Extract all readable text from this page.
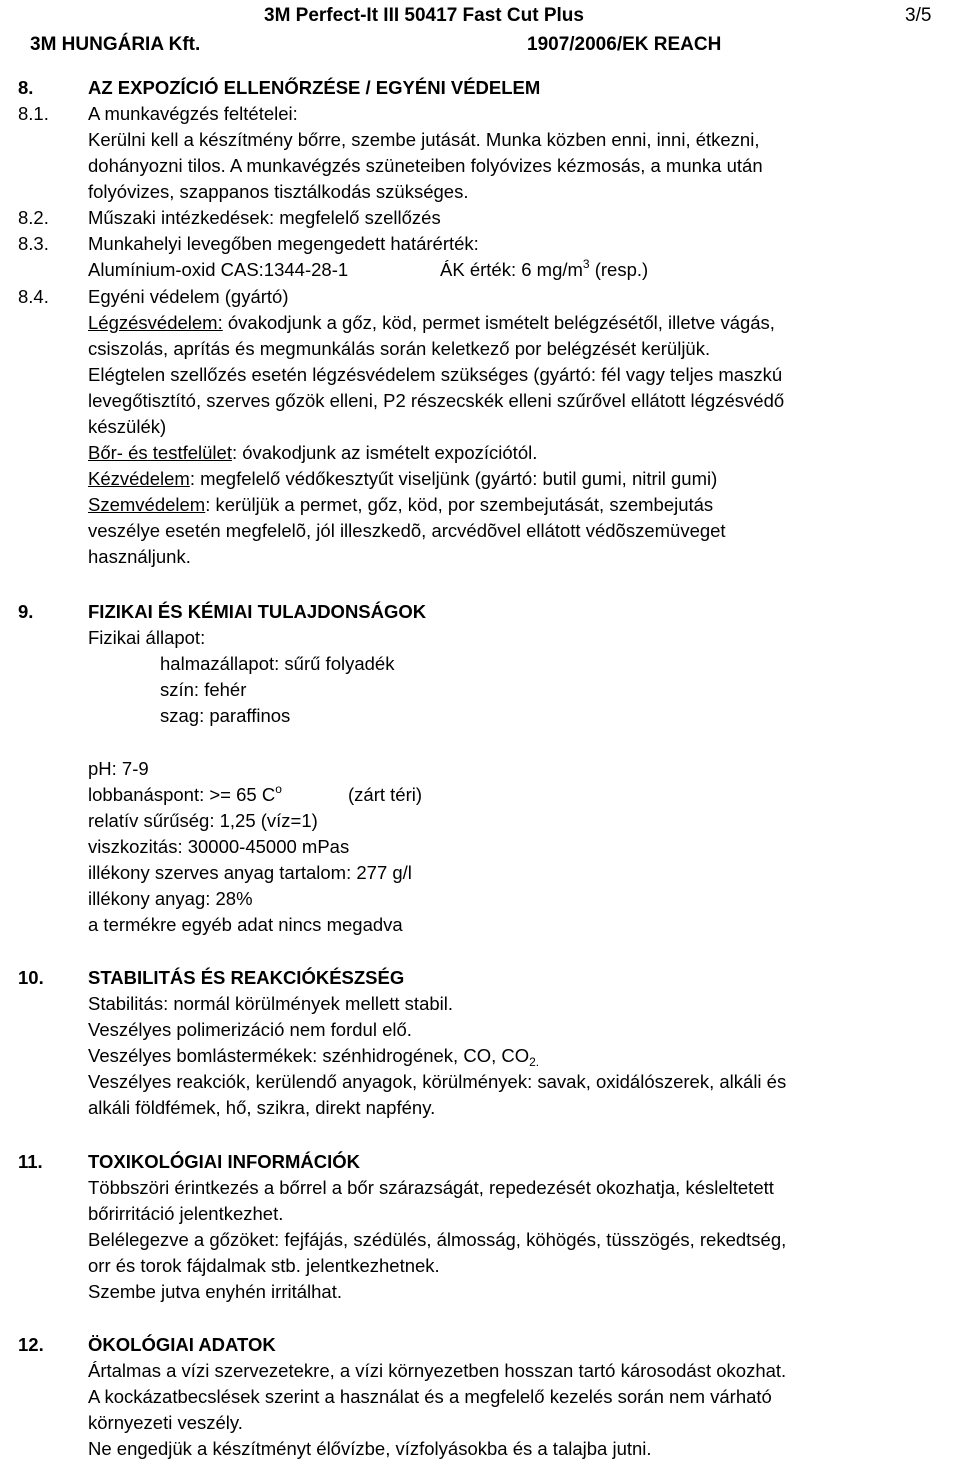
3M Perfect-It III 50417 Fast Cut Plus	3/5
3M HUNGÁRIA Kft.	1907/2006/EK REACH
8.	AZ EXPOZÍCIÓ ELLENŐRZÉSE / EGYÉNI VÉDELEM
8.1. A munkavégzés feltételei:
Kerülni kell a készítmény bőrre, szembe jutását. Munka közben enni, inni, étkezni,
dohányozni tilos. A munkavégzés szüneteiben folyóvizes kézmosás, a munka után
folyóvizes, szappanos tisztálkodás szükséges.
8.2. Műszaki intézkedések: megfelelő szellőzés
8.3. Munkahelyi levegőben megengedett határérték:
Alumínium-oxid CAS:1344-28-1	ÁK érték: 6 $mg/m^3$ (resp.)
8.4. Egyéni védelem (gyártó)
Légzésvédelem: óvakodjunk a gőz, köd, permet ismételt belégzésétől, illetve vágás,
csiszolás, aprítás és megmunkálás során keletkező por belégzését kerüljük.
Elégtelen szellőzés esetén légzésvédelem szükséges (gyártó: fél vagy teljes maszkú
levegőtisztító, szerves gőzök elleni, P2 részecskék elleni szűrővel ellátott légzésvédő
készülék)
Bőr- és testfelület: óvakodjunk az ismételt expozíciótól.
Kézvédelem: megfelelő védőkesztyűt viseljünk (gyártó: butil gumi, nitril gumi)
Szemvédelem: kerüljük a permet, gőz, köd, por szembejutását, szembejutás
veszélye esetén megfelelõ, jól illeszkedõ, arcvédõvel ellátott védõszemüveget
használjunk.
9.	FIZIKAI ÉS KÉMIAI TULAJDONSÁGOK
Fizikai állapot:
halmazállapot: sűrű folyadék
szín: fehér
szag: paraffinos
pH: 7-9
lobbanáspont: >= 65 $C^o$	(zárt téri)
relatív sűrűség: 1,25 (víz=1)
viszkozitás: 30000-45000 mPas
illékony szerves anyag tartalom: 277 g/l
illékony anyag: 28%
a termékre egyéb adat nincs megadva
10. STABILITÁS ÉS REAKCIÓKÉSZSÉG
Stabilitás: normál körülmények mellett stabil.
Veszélyes polimerizáció nem fordul elő.
Veszélyes bomlástermékek: szénhidrogének, CO, $CO_{2.}$
Veszélyes reakciók, kerülendő anyagok, körülmények: savak, oxidálószerek, alkáli és
alkáli földfémek, hő, szikra, direkt napfény.
11. TOXIKOLÓGIAI INFORMÁCIÓK
Többszöri érintkezés a bőrrel a bőr szárazságát, repedezését okozhatja, késleltetett
bőrirritáció jelentkezhet.
Belélegezve a gőzöket: fejfájás, szédülés, álmosság, köhögés, tüsszögés, rekedtség,
orr és torok fájdalmak stb. jelentkezhetnek.
Szembe jutva enyhén irritálhat.
12. ÖKOLÓGIAI ADATOK
Ártalmas a vízi szervezetekre, a vízi környezetben hosszan tartó károsodást okozhat.
A kockázatbecslések szerint a használat és a megfelelő kezelés során nem várható
környezeti veszély.
Ne engedjük a készítményt élővízbe, vízfolyásokba és a talajba jutni.
